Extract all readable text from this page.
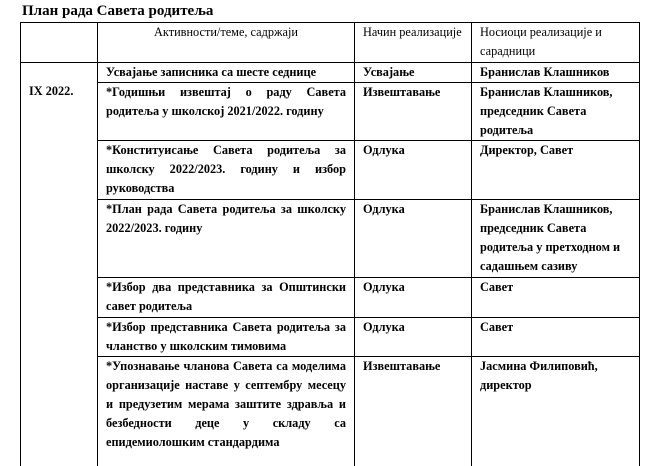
План рада Савета родитеља
	Активности/теме, садржаји	Начин реализације	Носиоци реализације и сарадници

IX 2022.	Усвајање записника са шесте седнице	Усвајање	Бранислав Клашников
	*Годишњи извештај о раду Савета родитеља у школској 2021/2022. годину	Извештавање	Бранислав Клашников, председник Савета родитеља
	*Конституисање Савета родитеља за школску 2022/2023. годину и избор руководства	Одлука	Директор, Савет
	*План рада Савета родитеља за школску 2022/2023. годину	Одлука	Бранислав Клашников, председник Савета родитеља у претходном и садашњем сазиву
	*Избор два представника за Општински савет родитеља	Одлука	Савет
	*Избор представника Савета родитеља за чланство у школским тимовима	Одлука	Савет
	*Упознавање чланова Савета са моделима организације наставе у септембру месецу и предузетим мерама заштите здравља и безбедности деце у складу са епидемиолошким стандардима	Извештавање	Јасмина Филиповић, директор
